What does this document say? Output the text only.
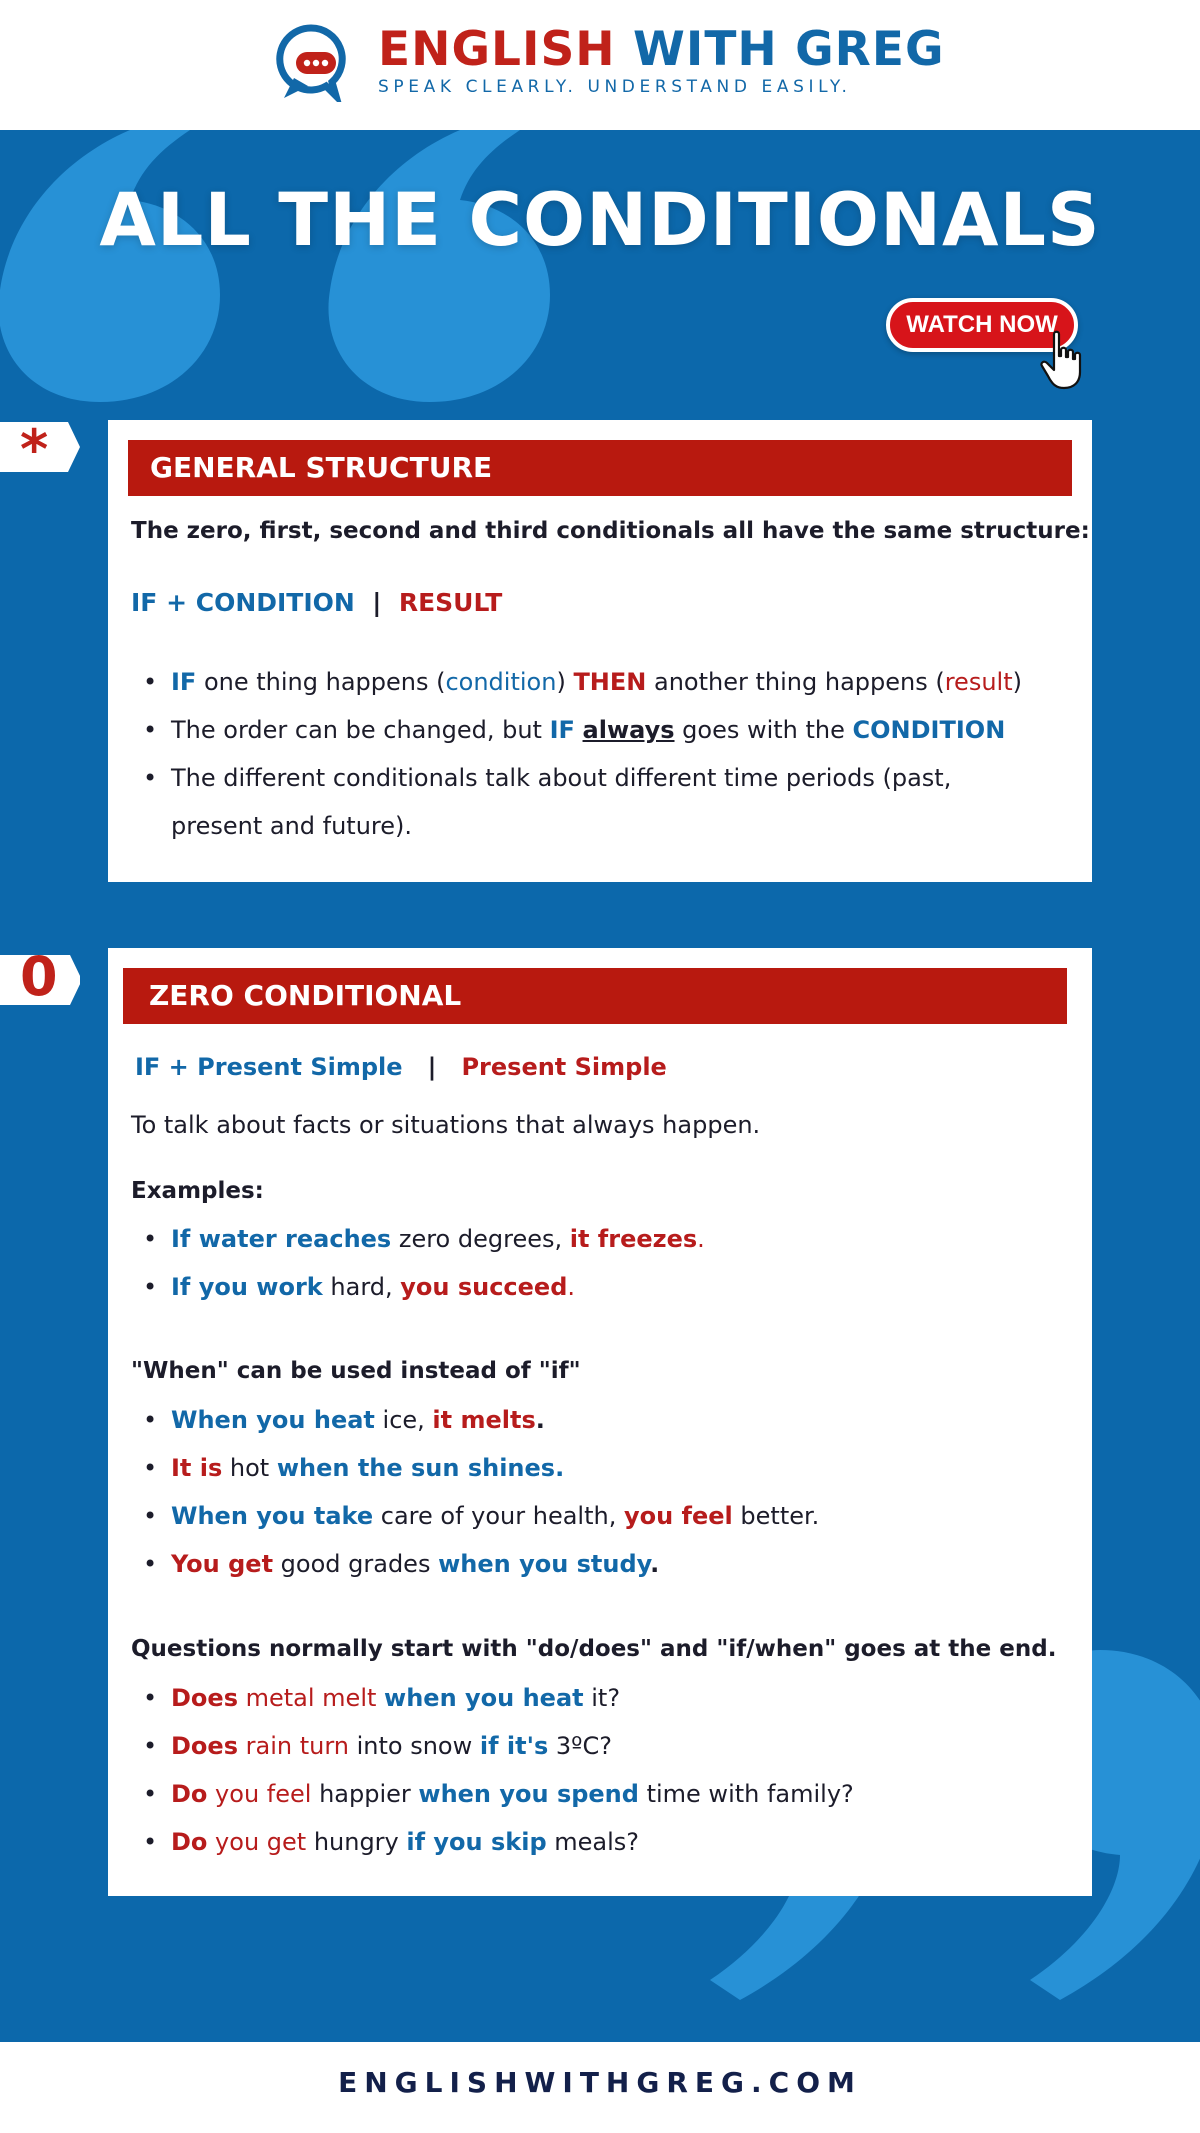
ENGLISH WITH GREG
SPEAK CLEARLY. UNDERSTAND EASILY.
ALL THE CONDITIONALS
WATCH NOW
*	GENERAL STRUCTURE
The zero, first, second and third conditionals all have the same structure:
IF + CONDITION | RESULT
• IF one thing happens (condition) THEN another thing happens (result)
• The order can be changed, but IF always goes with the CONDITION
• The different conditionals talk about different time periods (past,
present and future).
0	ZERO CONDITIONAL
IF + Present Simple | Present Simple
To talk about facts or situations that always happen.
Examples:
• If water reaches zero degrees, it freezes.
• If you work hard, you succeed.
"When" can be used instead of "if"
• When you heat ice, it melts.
• It is hot when the sun shines.
• When you take care of your health, you feel better.
• You get good grades when you study.
Questions normally start with "do/does" and "if/when" goes at the end.
• Does metal melt when you heat it?
• Does rain turn into snow if it's 3ºC?
• Do you feel happier when you spend time with family?
• Do you get hungry if you skip meals?
ENGLISHWITHGREG.COM
